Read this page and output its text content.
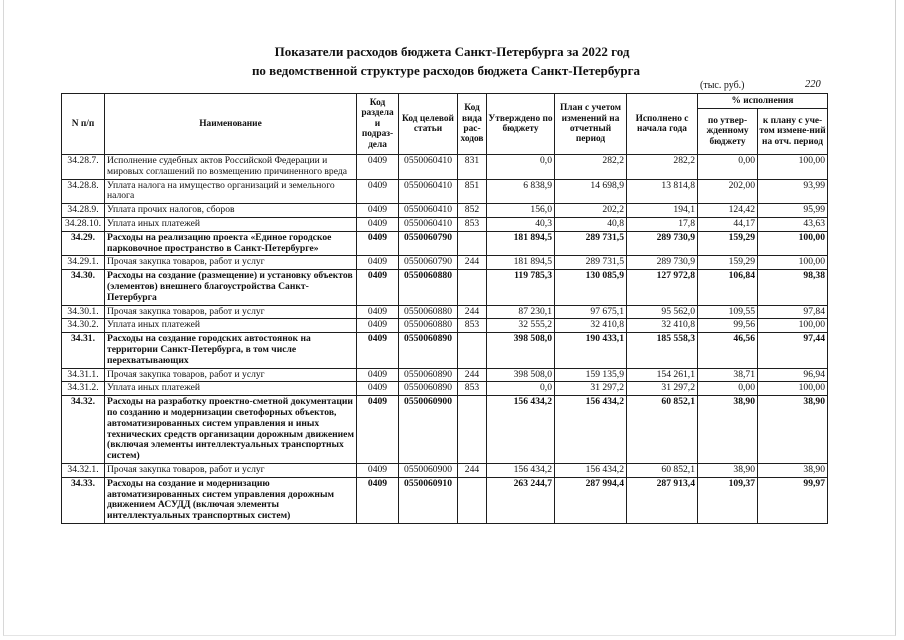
Показатели расходов бюджета Санкт-Петербурга за 2022 год
по ведомственной структуре расходов бюджета Санкт-Петербурга
(тыс. руб.)	220
N п/п	Наименование	Код раздела и подраз-дела	Код целевой статьи	Код вида рас-ходов	Утверждено по бюджету	План с учетом изменений на отчетный период	Исполнено с начала года	% исполнения	
								по утвер-жденному бюджету	к плану с уче-том измене-ний на отч. период
34.28.7.	Исполнение судебных актов Российской Федерации и мировых соглашений по возмещению причиненного вреда	0409	0550060410	831	0,0	282,2	282,2	0,00	100,00
34.28.8.	Уплата налога на имущество организаций и земельного налога	0409	0550060410	851	6 838,9	14 698,9	13 814,8	202,00	93,99
34.28.9.	Уплата прочих налогов, сборов	0409	0550060410	852	156,0	202,2	194,1	124,42	95,99
34.28.10.	Уплата иных платежей	0409	0550060410	853	40,3	40,8	17,8	44,17	43,63
34.29.	Расходы на реализацию проекта «Единое городское парковочное пространство в Санкт-Петербурге»	0409	0550060790		181 894,5	289 731,5	289 730,9	159,29	100,00
34.29.1.	Прочая закупка товаров, работ и услуг	0409	0550060790	244	181 894,5	289 731,5	289 730,9	159,29	100,00
34.30.	Расходы на создание (размещение) и установку объектов (элементов) внешнего благоустройства Санкт-Петербурга	0409	0550060880		119 785,3	130 085,9	127 972,8	106,84	98,38
34.30.1.	Прочая закупка товаров, работ и услуг	0409	0550060880	244	87 230,1	97 675,1	95 562,0	109,55	97,84
34.30.2.	Уплата иных платежей	0409	0550060880	853	32 555,2	32 410,8	32 410,8	99,56	100,00
34.31.	Расходы на создание городских автостоянок на территории Санкт-Петербурга, в том числе перехватывающих	0409	0550060890		398 508,0	190 433,1	185 558,3	46,56	97,44
34.31.1.	Прочая закупка товаров, работ и услуг	0409	0550060890	244	398 508,0	159 135,9	154 261,1	38,71	96,94
34.31.2.	Уплата иных платежей	0409	0550060890	853	0,0	31 297,2	31 297,2	0,00	100,00
34.32.	Расходы на разработку проектно-сметной документации по созданию и модернизации светофорных объектов, автоматизированных систем управления и иных технических средств организации дорожным движением (включая элементы интеллектуальных транспортных систем)	0409	0550060900		156 434,2	156 434,2	60 852,1	38,90	38,90
34.32.1.	Прочая закупка товаров, работ и услуг	0409	0550060900	244	156 434,2	156 434,2	60 852,1	38,90	38,90
34.33.	Расходы на создание и модернизацию автоматизированных систем управления дорожным движением АСУДД (включая элементы интеллектуальных транспортных систем)	0409	0550060910		263 244,7	287 994,4	287 913,4	109,37	99,97
